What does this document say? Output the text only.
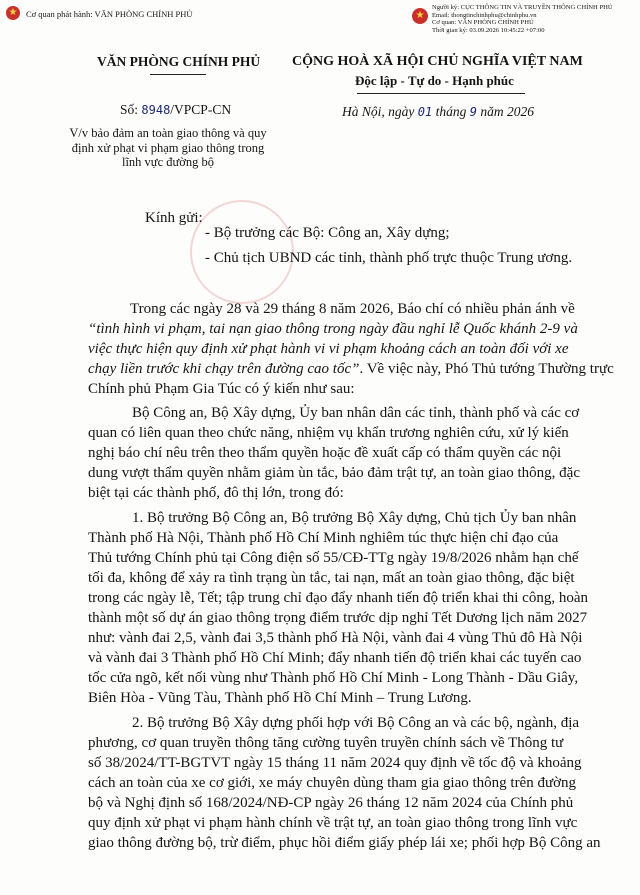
★ Cơ quan phát hành: VĂN PHÒNG CHÍNH PHỦ	★
Người ký: CỤC THÔNG TIN VÀ TRUYỀN THÔNG CHÍNH PHỦ
Email: thongtinchinhphu@chinhphu.vn
Cơ quan: VĂN PHÒNG CHÍNH PHỦ
Thời gian ký: 03.09.2026 10:45:22 +07:00
VĂN PHÒNG CHÍNH PHỦ CỘNG HOÀ XÃ HỘI CHỦ NGHĨA VIỆT NAM
Độc lập - Tự do - Hạnh phúc
Số: 8948/VPCP-CN	Hà Nội, ngày 01 tháng 9 năm 2026
V/v bảo đảm an toàn giao thông và quy
định xử phạt vi phạm giao thông trong
lĩnh vực đường bộ
Kính gửi:
- Bộ trưởng các Bộ: Công an, Xây dựng;
- Chủ tịch UBND các tỉnh, thành phố trực thuộc Trung ương.
Trong các ngày 28 và 29 tháng 8 năm 2026, Báo chí có nhiều phản ánh về
“tình hình vi phạm, tai nạn giao thông trong ngày đầu nghỉ lễ Quốc khánh 2-9 và
việc thực hiện quy định xử phạt hành vi vi phạm khoảng cách an toàn đối với xe
chạy liền trước khi chạy trên đường cao tốc”. Về việc này, Phó Thủ tướng Thường trực
Chính phủ Phạm Gia Túc có ý kiến như sau:
Bộ Công an, Bộ Xây dựng, Ủy ban nhân dân các tỉnh, thành phố và các cơ
quan có liên quan theo chức năng, nhiệm vụ khẩn trương nghiên cứu, xử lý kiến
nghị báo chí nêu trên theo thẩm quyền hoặc đề xuất cấp có thẩm quyền các nội
dung vượt thẩm quyền nhằm giảm ùn tắc, bảo đảm trật tự, an toàn giao thông, đặc
biệt tại các thành phố, đô thị lớn, trong đó:
1. Bộ trưởng Bộ Công an, Bộ trưởng Bộ Xây dựng, Chủ tịch Ủy ban nhân
Thành phố Hà Nội, Thành phố Hồ Chí Minh nghiêm túc thực hiện chỉ đạo của
Thủ tướng Chính phủ tại Công điện số 55/CĐ-TTg ngày 19/8/2026 nhằm hạn chế
tối đa, không để xảy ra tình trạng ùn tắc, tai nạn, mất an toàn giao thông, đặc biệt
trong các ngày lễ, Tết; tập trung chỉ đạo đẩy nhanh tiến độ triển khai thi công, hoàn
thành một số dự án giao thông trọng điểm trước dịp nghỉ Tết Dương lịch năm 2027
như: vành đai 2,5, vành đai 3,5 thành phố Hà Nội, vành đai 4 vùng Thủ đô Hà Nội
và vành đai 3 Thành phố Hồ Chí Minh; đẩy nhanh tiến độ triển khai các tuyến cao
tốc cửa ngõ, kết nối vùng như Thành phố Hồ Chí Minh - Long Thành - Dầu Giây,
Biên Hòa - Vũng Tàu, Thành phố Hồ Chí Minh – Trung Lương.
2. Bộ trưởng Bộ Xây dựng phối hợp với Bộ Công an và các bộ, ngành, địa
phương, cơ quan truyền thông tăng cường tuyên truyền chính sách về Thông tư
số 38/2024/TT-BGTVT ngày 15 tháng 11 năm 2024 quy định về tốc độ và khoảng
cách an toàn của xe cơ giới, xe máy chuyên dùng tham gia giao thông trên đường
bộ và Nghị định số 168/2024/NĐ-CP ngày 26 tháng 12 năm 2024 của Chính phủ
quy định xử phạt vi phạm hành chính về trật tự, an toàn giao thông trong lĩnh vực
giao thông đường bộ, trừ điểm, phục hồi điểm giấy phép lái xe; phối hợp Bộ Công an
